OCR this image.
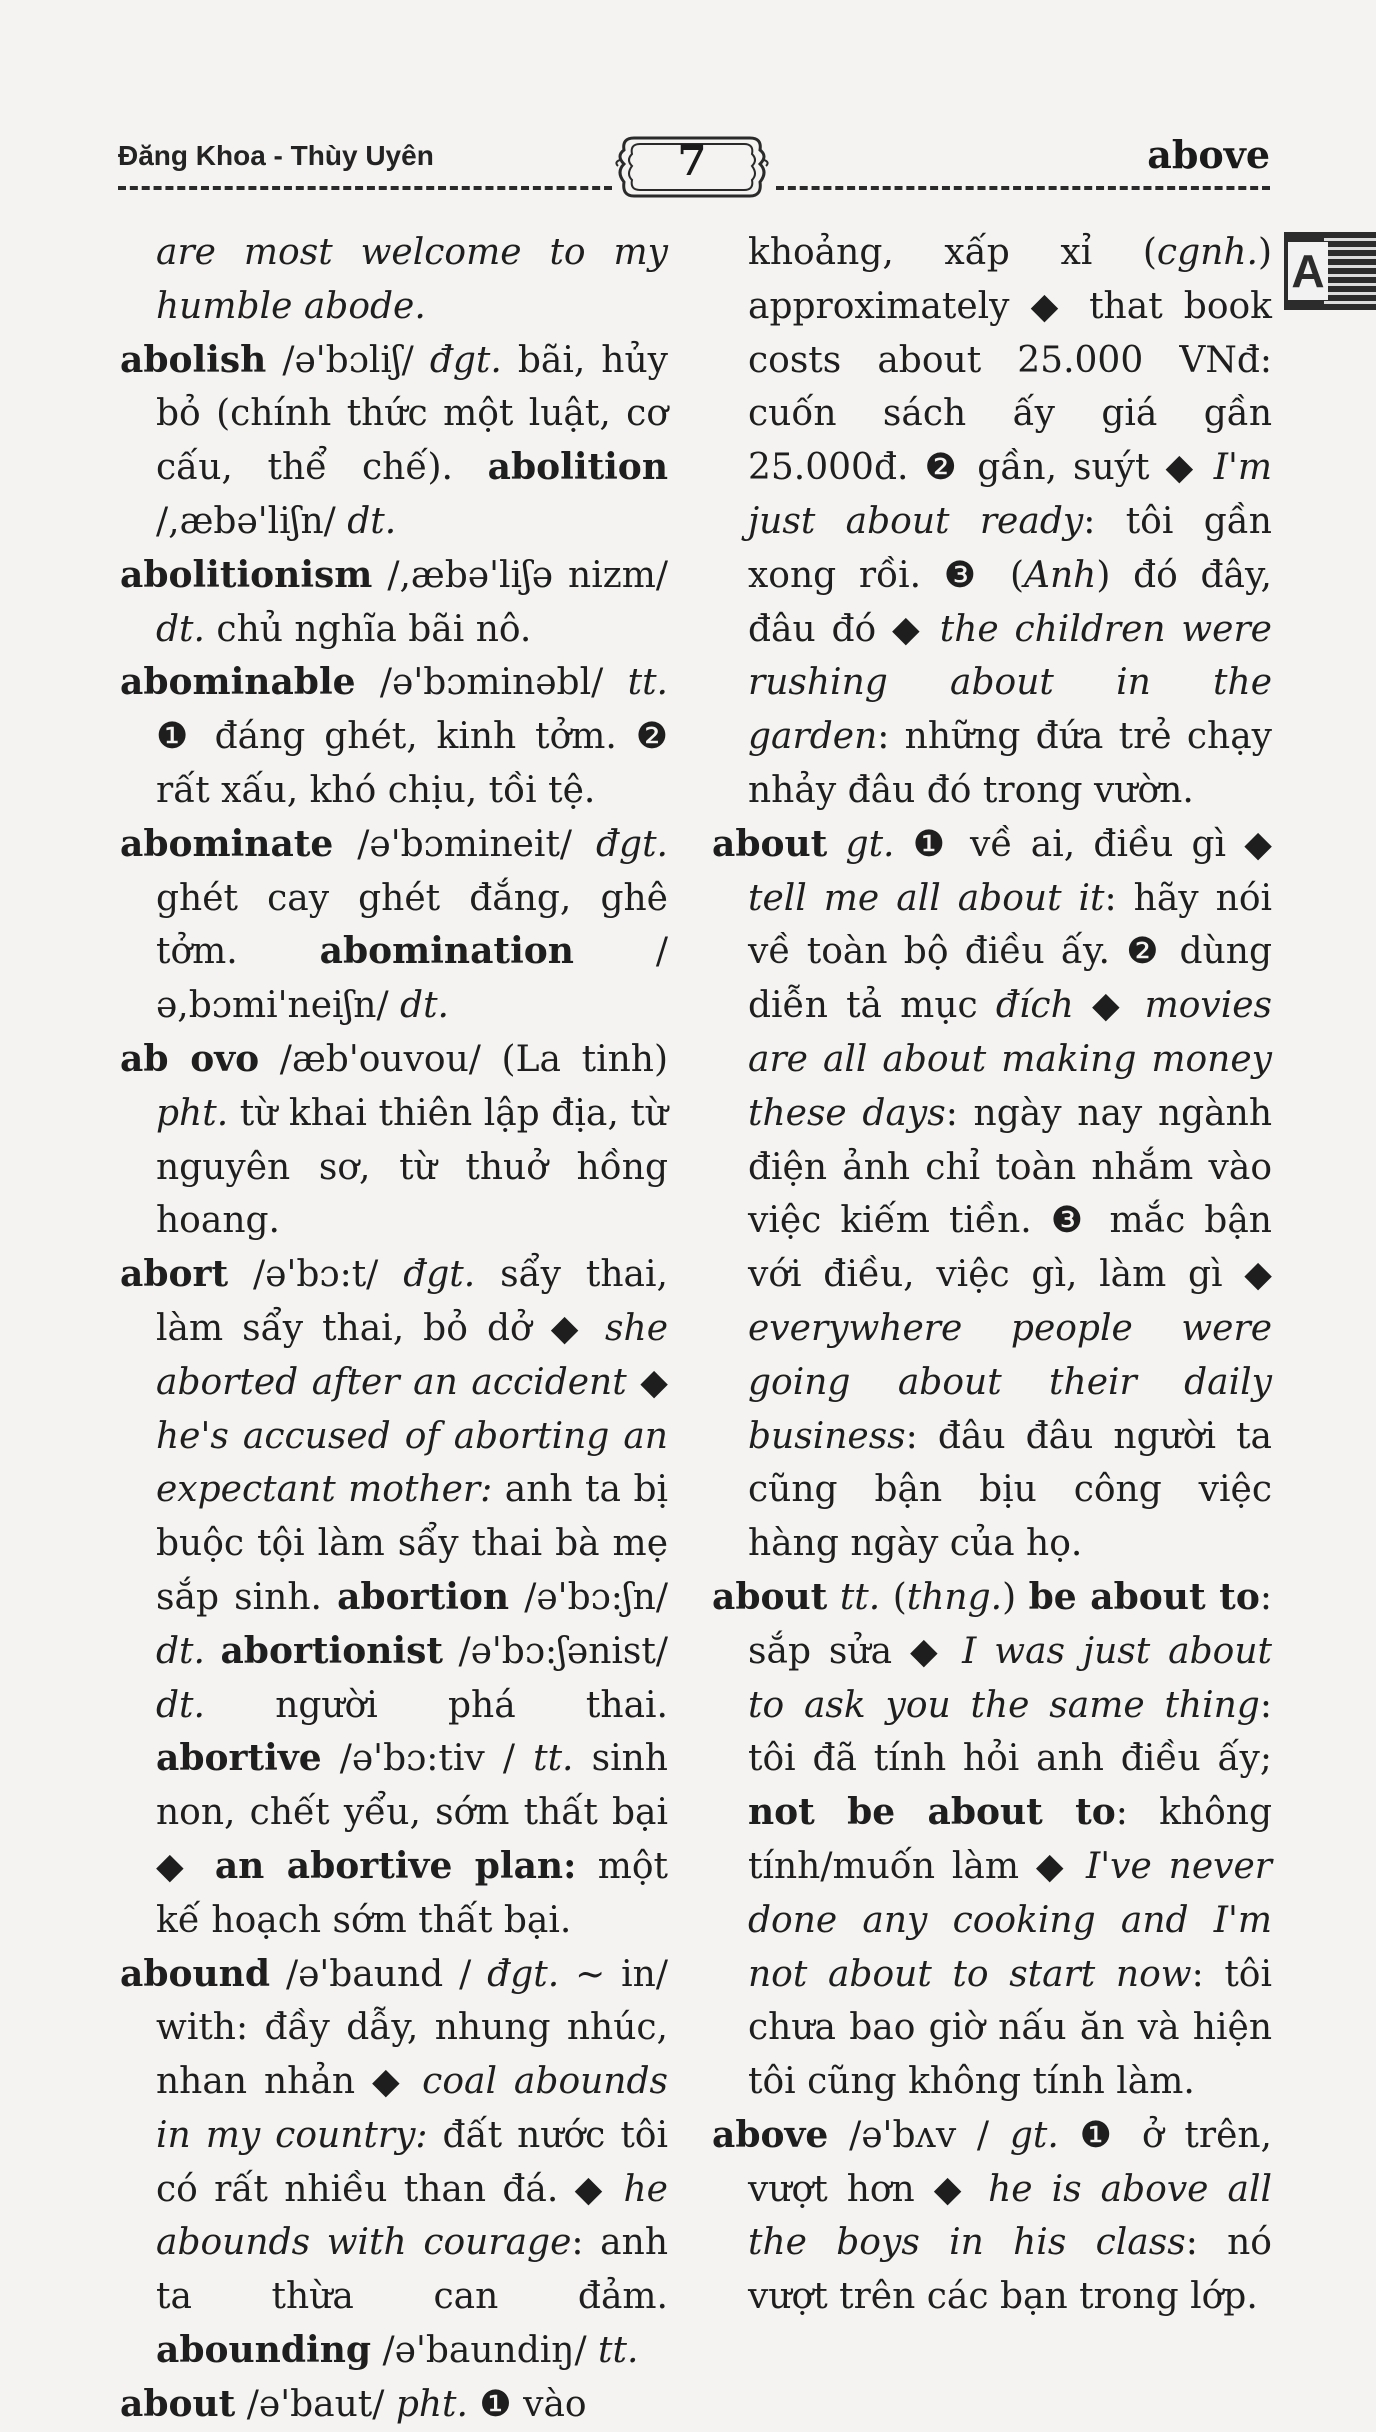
Đăng Khoa - Thùy Uyên	7	above
A

are most welcome to my humble abode.

abolish /ə'bɔliʃ/ đgt. bãi, hủy bỏ (chính thức một luật, cơ cấu, thể chế). abolition /,æbə'liʃn/ dt.

abolitionism /,æbə'liʃə nizm/ dt. chủ nghĩa bãi nô.

abominable /ə'bɔminəbl/ tt. ❶ đáng ghét, kinh tởm. ❷ rất xấu, khó chịu, tồi tệ.

abominate /ə'bɔmineit/ đgt. ghét cay ghét đắng, ghê tởm. abomination /ə,bɔmi'neiʃn/ dt.

ab ovo /æb'ouvou/ (La tinh) pht. từ khai thiên lập địa, từ nguyên sơ, từ thuở hồng hoang.

abort /ə'bɔ:t/ đgt. sẩy thai, làm sẩy thai, bỏ dở ◆ she aborted after an accident ◆ he's accused of aborting an expectant mother: anh ta bị buộc tội làm sẩy thai bà mẹ sắp sinh. abortion /ə'bɔ:ʃn/ dt. abortionist /ə'bɔ:ʃənist/ dt. người phá thai. abortive /ə'bɔ:tiv / tt. sinh non, chết yểu, sớm thất bại ◆ an abortive plan: một kế hoạch sớm thất bại.

abound /ə'baund / đgt. ~ in/ with: đầy dẫy, nhung nhúc, nhan nhản ◆ coal abounds in my country: đất nước tôi có rất nhiều than đá. ◆ he abounds with courage: anh ta thừa can đảm. abounding /ə'baundiŋ/ tt.

about /ə'baut/ pht. ❶ vào

khoảng, xấp xỉ (cgnh.) approximately ◆ that book costs about 25.000 VNđ: cuốn sách ấy giá gần 25.000đ. ❷ gần, suýt ◆ I'm just about ready: tôi gần xong rồi. ❸ (Anh) đó đây, đâu đó ◆ the children were rushing about in the garden: những đứa trẻ chạy nhảy đâu đó trong vườn.

about gt. ❶ về ai, điều gì ◆ tell me all about it: hãy nói về toàn bộ điều ấy. ❷ dùng diễn tả mục đích ◆ movies are all about making money these days: ngày nay ngành điện ảnh chỉ toàn nhắm vào việc kiếm tiền. ❸ mắc bận với điều, việc gì, làm gì ◆ everywhere people were going about their daily business: đâu đâu người ta cũng bận bịu công việc hàng ngày của họ.

about tt. (thng.) be about to: sắp sửa ◆ I was just about to ask you the same thing: tôi đã tính hỏi anh điều ấy; not be about to: không tính/muốn làm ◆ I've never done any cooking and I'm not about to start now: tôi chưa bao giờ nấu ăn và hiện tôi cũng không tính làm.

above /ə'bʌv / gt. ❶ ở trên, vượt hơn ◆ he is above all the boys in his class: nó vượt trên các bạn trong lớp.
